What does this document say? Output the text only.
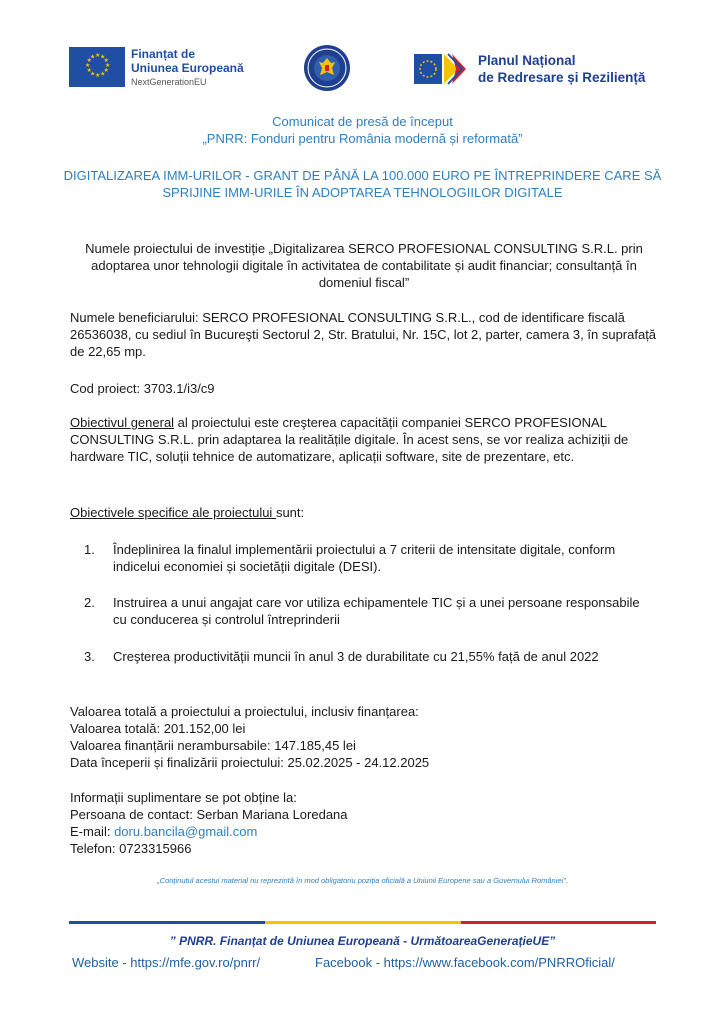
★ ★
★
★
★
★
★
★
★
★
★
★	Finanțat de
Uniunea Europeană
NextGenerationEU
Planul Național
de Redresare și Reziliență
Comunicat de presă de început
„PNRR: Fonduri pentru România modernă și reformată”
DIGITALIZAREA IMM-URILOR - GRANT DE PÂNĂ LA 100.000 EURO PE ÎNTREPRINDERE CARE SĂ SPRIJINE IMM-URILE ÎN ADOPTAREA TEHNOLOGIILOR DIGITALE
Numele proiectului de investiție „Digitalizarea SERCO PROFESIONAL CONSULTING S.R.L. prin adoptarea unor tehnologii digitale în activitatea de contabilitate și audit financiar; consultanță în domeniul fiscal”
Numele beneficiarului: SERCO PROFESIONAL CONSULTING S.R.L., cod de identificare fiscală 26536038, cu sediul în Bucureşti Sectorul 2, Str. Bratului, Nr. 15C, lot 2, parter, camera 3, în suprafață de 22,65 mp.
Cod proiect: 3703.1/i3/c9
Obiectivul general al proiectului este creşterea capacității companiei SERCO PROFESIONAL CONSULTING S.R.L. prin adaptarea la realitățile digitale. În acest sens, se vor realiza achiziții de hardware TIC, soluții tehnice de automatizare, aplicații software, site de prezentare, etc.
Obiectivele specifice ale proiectului sunt:
1. Îndeplinirea la finalul implementării proiectului a 7 criterii de intensitate digitale, conform indicelui economiei și societății digitale (DESI).
2. Instruirea a unui angajat care vor utiliza echipamentele TIC și a unei persoane responsabile cu conducerea și controlul întreprinderii
3. Creşterea productivității muncii în anul 3 de durabilitate cu 21,55% față de anul 2022
Valoarea totală a proiectului a proiectului, inclusiv finanțarea:
Valoarea totală: 201.152,00 lei
Valoarea finanțării nerambursabile: 147.185,45 lei
Data începerii și finalizării proiectului: 25.02.2025 - 24.12.2025
Informații suplimentare se pot obține la:
Persoana de contact: Serban Mariana Loredana
E-mail: doru.bancila@gmail.com
Telefon: 0723315966
„Conținutul acestui material nu reprezintă în mod obligatoriu poziția oficială a Uniunii Europene sau a Guvernului României”.
” PNRR. Finanțat de Uniunea Europeană - UrmătoareaGenerațieUE”
Website - https://mfe.gov.ro/pnrr/	Facebook - https://www.facebook.com/PNRROficial/
